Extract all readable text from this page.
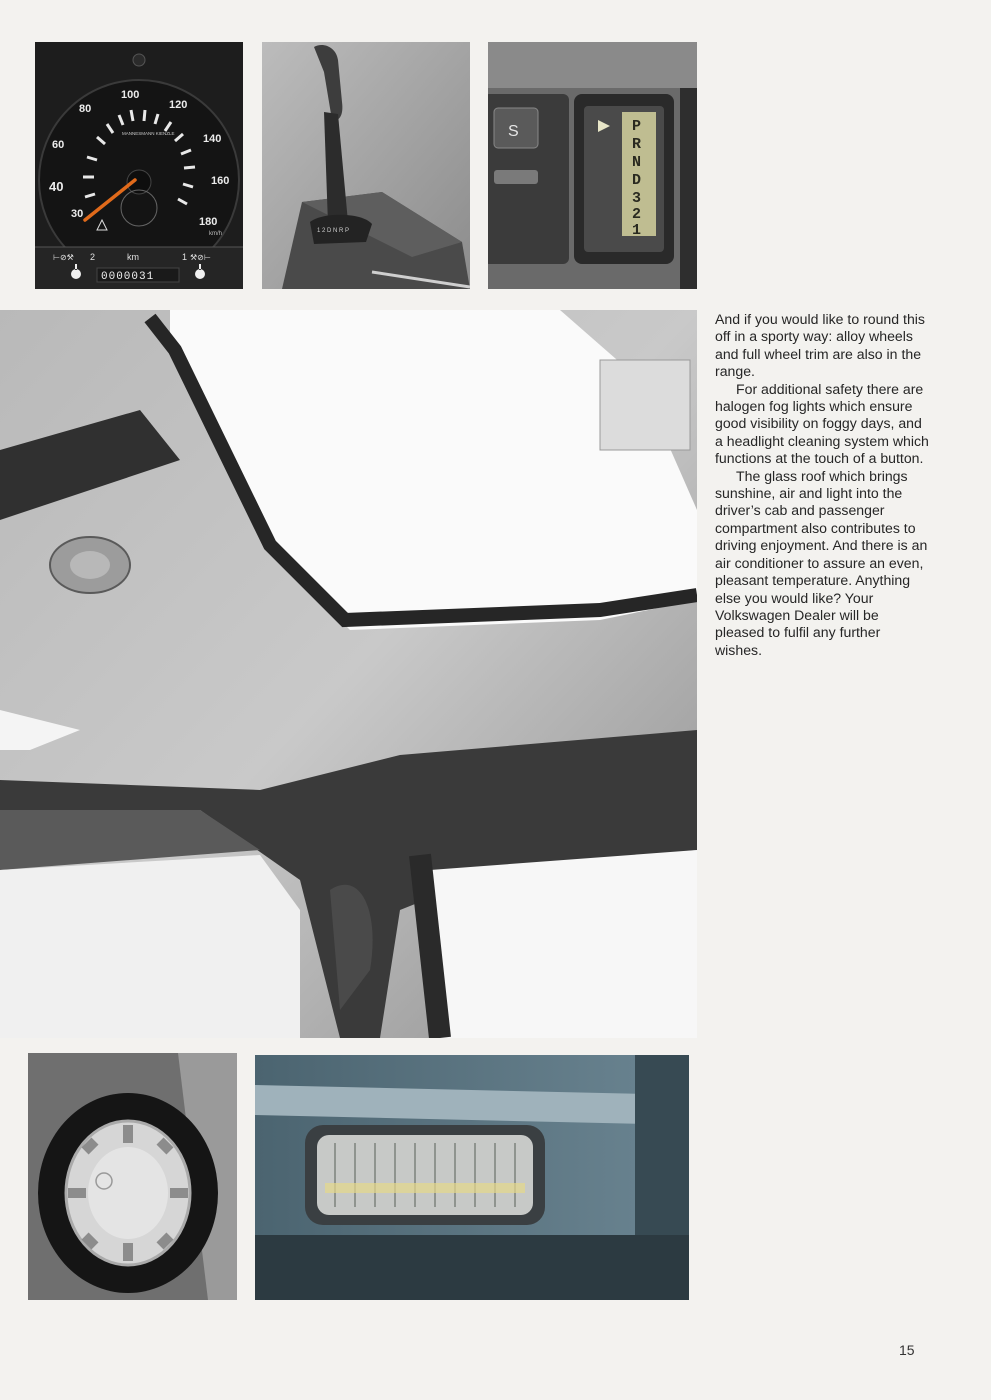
30
40
60
80
100
120
140
160
180
km/h
MANNESMANN KIENZLE
⊢⊘⚒ 2	km	1 ⚒⊘⊢
0000031
1 2 D N R P
S	P
R
N
D
3
2
1

And if you would like to round this off in a sporty way: alloy wheels and full wheel trim are also in the range.

For additional safety there are halogen fog lights which ensure good visibility on foggy days, and a headlight cleaning system which functions at the touch of a button.

The glass roof which brings sunshine, air and light into the driver’s cab and passenger compartment also contributes to driving enjoyment. And there is an air conditioner to assure an even, pleasant temperature. Anything else you would like? Your Volkswagen Dealer will be pleased to fulfil any further wishes.

15
